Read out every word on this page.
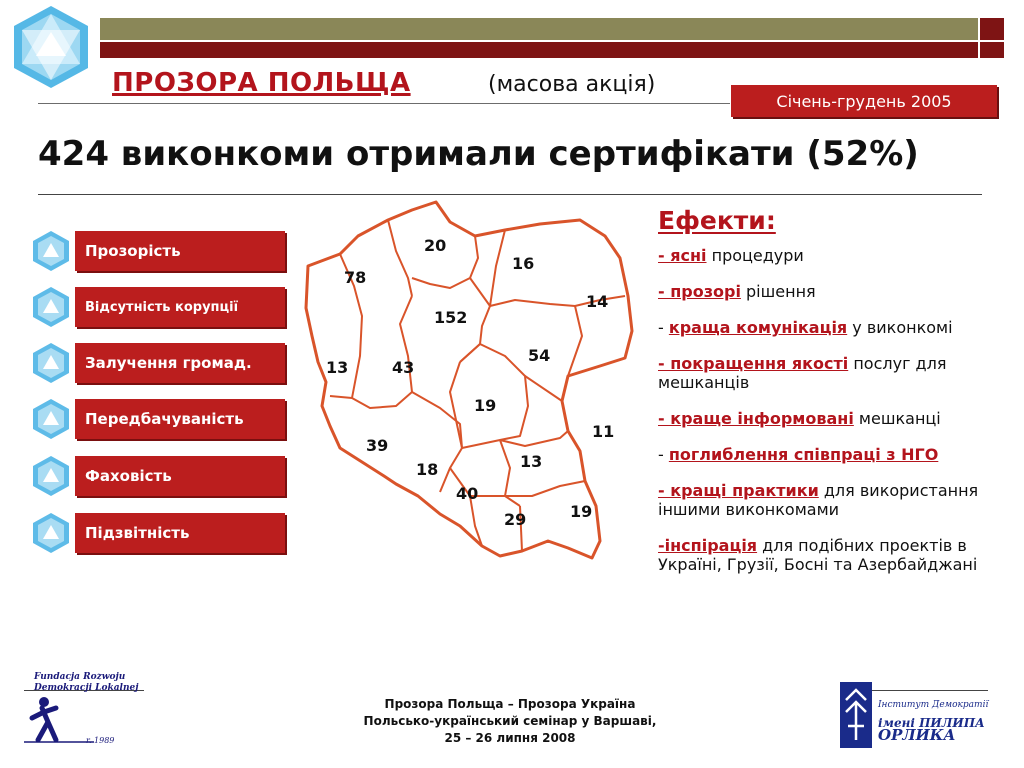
ПРОЗОРА ПОЛЬЩА	(масова акція)
Січень-грудень 2005
424 виконкоми отримали сертифікати (52%)
Прозорість
Відсутність корупції
Залучення громад.
Передбачуваність
Фаховість
Підзвітність
20
16
78
14
152
54
13	43
19
11
39
13
18
40
19
29
Ефекти:
- ясні процедури
- прозорі рішення
- краща комунікація у виконкомі
- покращення якості послуг для мешканців
- краще інформовані мешканці
- поглиблення співпраці з НГО
- кращі практики для використання іншими виконкомами
-інспірація для подібних проектів в Україні, Грузії, Босні та Азербайджані
Прозора Польща – Прозора Україна
Польсько-український семінар у Варшаві,
25 – 26 липня 2008
Fundacja Rozwoju
Demokracji Lokalnej
r. 1989
Інститут Демократії
імені ПИЛИПА
ОРЛИКА
